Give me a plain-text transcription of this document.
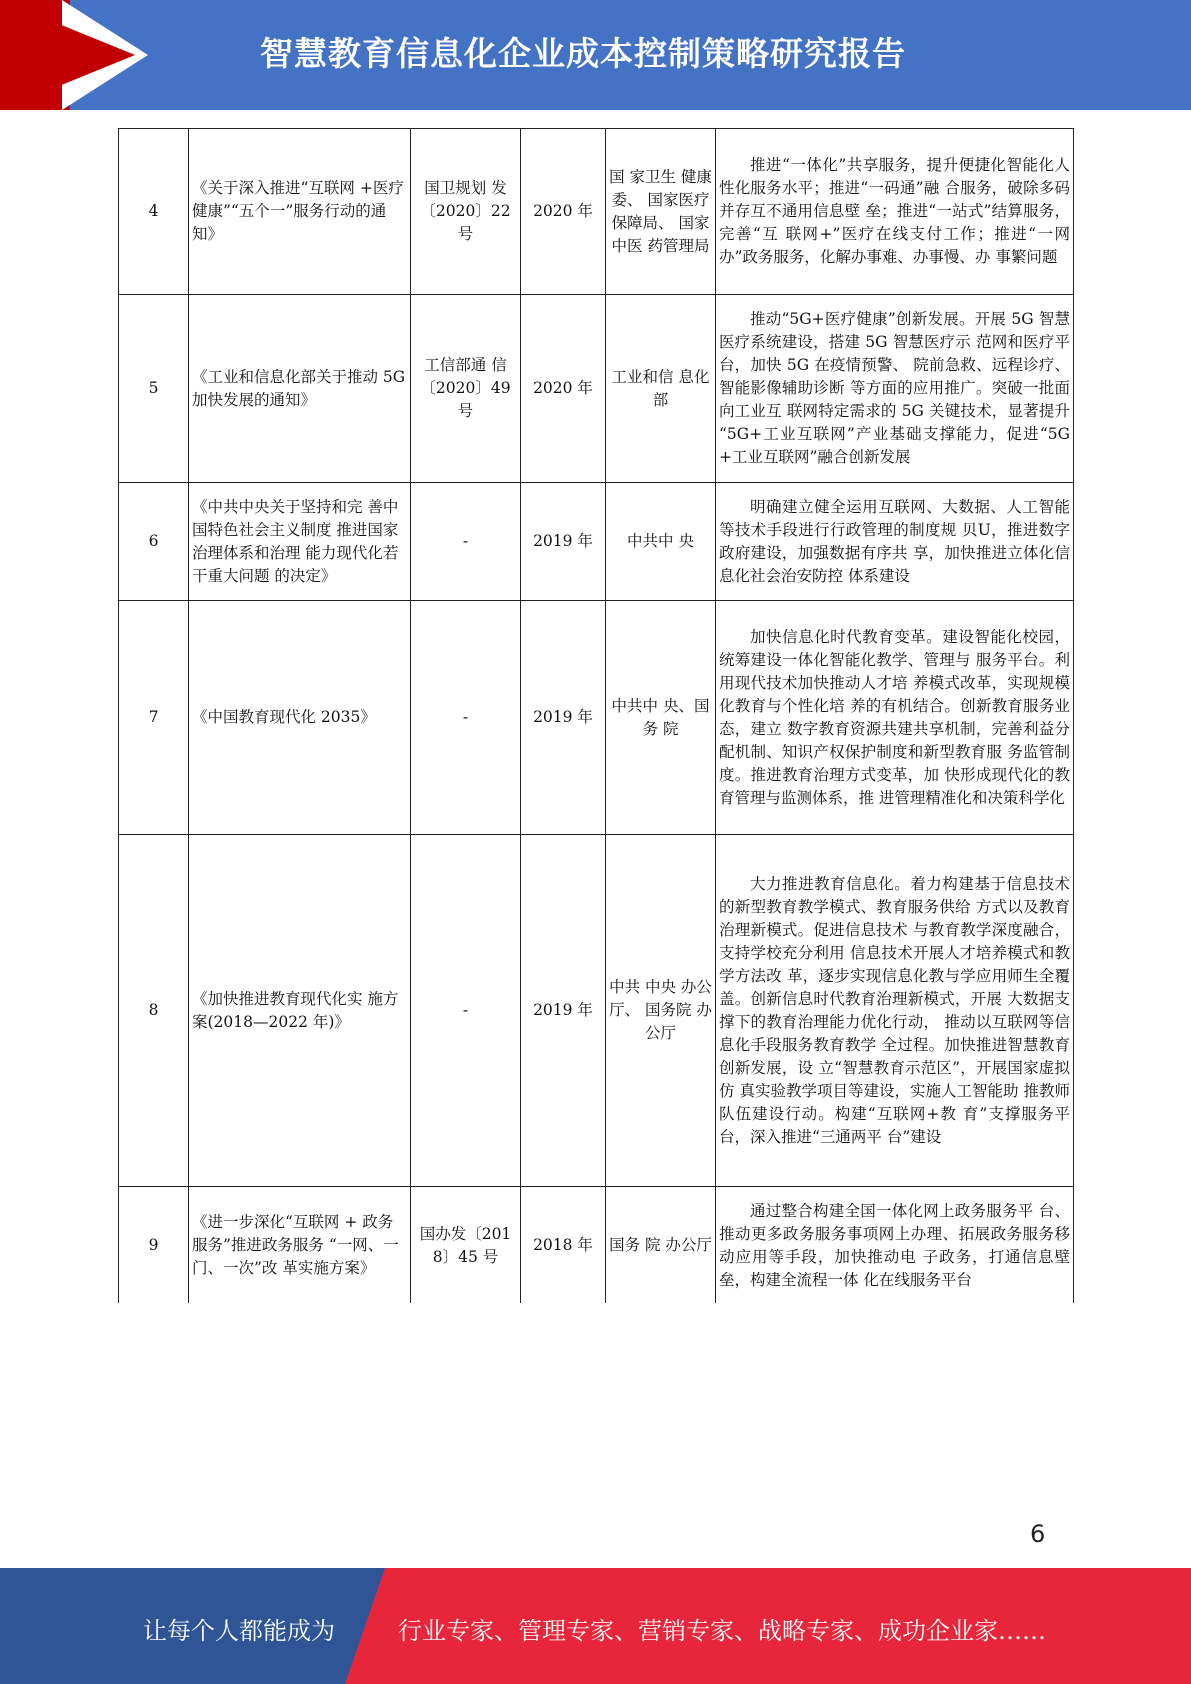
智慧教育信息化企业成本控制策略研究报告
4	《关于深入推进“互联网 +医疗健康”“五个一”服务行动的通知》	国卫规划 发〔2020〕22 号	2020 年	国 家卫生 健康委、 国家医疗 保障局、 国家中医 药管理局	推进“一体化”共享服务，提升便捷化智能化人性化服务水平；推进“一码通”融 合服务，破除多码并存互不通用信息壁 垒；推进“一站式”结算服务，完善“互 联网+”医疗在线支付工作；推进“一网 办”政务服务，化解办事难、办事慢、办 事繁问题
5	《工业和信息化部关于推动 5G 加快发展的通知》	工信部通 信〔2020〕49 号	2020 年	工业和信 息化部	推动“5G+医疗健康”创新发展。开展 5G 智慧医疗系统建设，搭建 5G 智慧医疗示 范网和医疗平台，加快 5G 在疫情预警、 院前急救、远程诊疗、智能影像辅助诊断 等方面的应用推广。突破一批面向工业互 联网特定需求的 5G 关键技术，显著提升 “5G+工业互联网”产业基础支撑能力，促进“5G+工业互联网”融合创新发展
6	《中共中央关于坚持和完 善中国特色社会主义制度 推进国家治理体系和治理 能力现代化若干重大问题 的决定》	-	2019 年	中共中 央	明确建立健全运用互联网、大数据、人工智能等技术手段进行行政管理的制度规 贝U，推进数字政府建设，加强数据有序共 享，加快推进立体化信息化社会治安防控 体系建设
7	《中国教育现代化 2035》	-	2019 年	中共中 央、国务 院	加快信息化时代教育变革。建设智能化校园，统筹建设一体化智能化教学、管理与 服务平台。利用现代技术加快推动人才培 养模式改革，实现规模化教育与个性化培 养的有机结合。创新教育服务业态，建立 数字教育资源共建共享机制，完善利益分 配机制、知识产权保护制度和新型教育服 务监管制度。推进教育治理方式变革，加 快形成现代化的教育管理与监测体系，推 进管理精准化和决策科学化
8	《加快推进教育现代化实 施方案(2018—2022 年)》	-	2019 年	中共 中央 办公厅、 国务院 办公厅	大力推进教育信息化。着力构建基于信息技术的新型教育教学模式、教育服务供给 方式以及教育治理新模式。促进信息技术 与教育教学深度融合，支持学校充分利用 信息技术开展人才培养模式和教学方法改 革，逐步实现信息化教与学应用师生全覆 盖。创新信息时代教育治理新模式，开展 大数据支撑下的教育治理能力优化行动， 推动以互联网等信息化手段服务教育教学 全过程。加快推进智慧教育创新发展，设 立“智慧教育示范区”，开展国家虚拟仿 真实验教学项目等建设，实施人工智能助 推教师队伍建设行动。构建“互联网+教 育”支撑服务平台，深入推进“三通两平 台”建设
9	《进一步深化“互联网 + 政务服务”推进政务服务 “一网、一门、一次”改 革实施方案》	国办发〔2018〕45 号	2018 年	国务 院 办公厅	通过整合构建全国一体化网上政务服务平 台、推动更多政务服务事项网上办理、拓展政务服务移动应用等手段，加快推动电 子政务，打通信息壁垒，构建全流程一体 化在线服务平台
6
让每个人都能成为	行业专家、管理专家、营销专家、战略专家、成功企业家……
